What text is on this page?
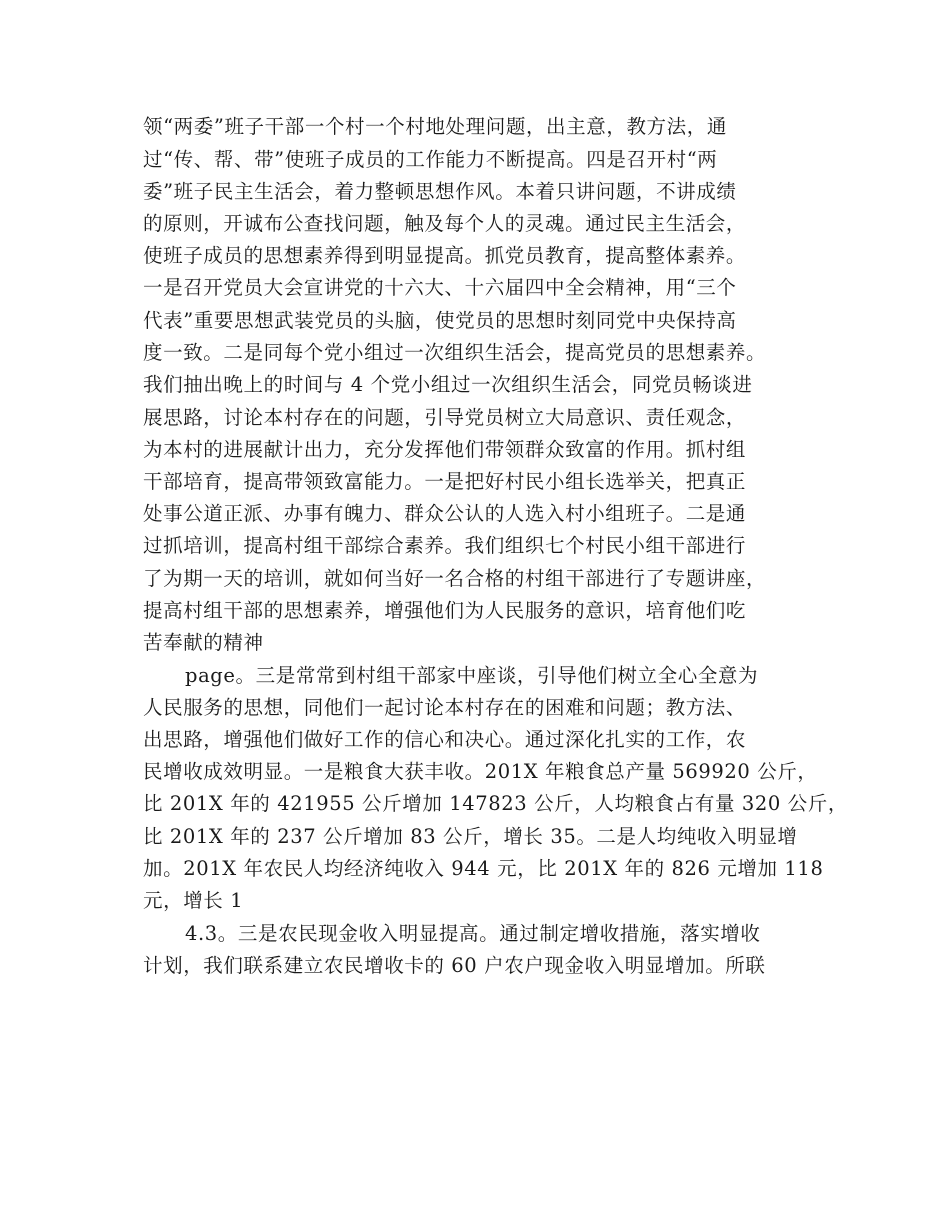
领“两委”班子干部一个村一个村地处理问题，出主意，教方法，通
过“传、帮、带”使班子成员的工作能力不断提高。四是召开村“两
委”班子民主生活会，着力整顿思想作风。本着只讲问题，不讲成绩
的原则，开诚布公查找问题，触及每个人的灵魂。通过民主生活会，
使班子成员的思想素养得到明显提高。抓党员教育，提高整体素养。
一是召开党员大会宣讲党的十六大、十六届四中全会精神，用“三个
代表”重要思想武装党员的头脑，使党员的思想时刻同党中央保持高
度一致。二是同每个党小组过一次组织生活会，提高党员的思想素养。
我们抽出晚上的时间与 4 个党小组过一次组织生活会，同党员畅谈进
展思路，讨论本村存在的问题，引导党员树立大局意识、责任观念，
为本村的进展献计出力，充分发挥他们带领群众致富的作用。抓村组
干部培育，提高带领致富能力。一是把好村民小组长选举关，把真正
处事公道正派、办事有魄力、群众公认的人选入村小组班子。二是通
过抓培训，提高村组干部综合素养。我们组织七个村民小组干部进行
了为期一天的培训，就如何当好一名合格的村组干部进行了专题讲座，
提高村组干部的思想素养，增强他们为人民服务的意识，培育他们吃
苦奉献的精神
page。三是常常到村组干部家中座谈，引导他们树立全心全意为
人民服务的思想，同他们一起讨论本村存在的困难和问题；教方法、
出思路，增强他们做好工作的信心和决心。通过深化扎实的工作，农
民增收成效明显。一是粮食大获丰收。201X 年粮食总产量 569920 公斤，
比 201X 年的 421955 公斤增加 147823 公斤，人均粮食占有量 320 公斤，
比 201X 年的 237 公斤增加 83 公斤，增长 35。二是人均纯收入明显增
加。201X 年农民人均经济纯收入 944 元，比 201X 年的 826 元增加 118
元，增长 1
4.3。三是农民现金收入明显提高。通过制定增收措施，落实增收
计划，我们联系建立农民增收卡的 60 户农户现金收入明显增加。所联
